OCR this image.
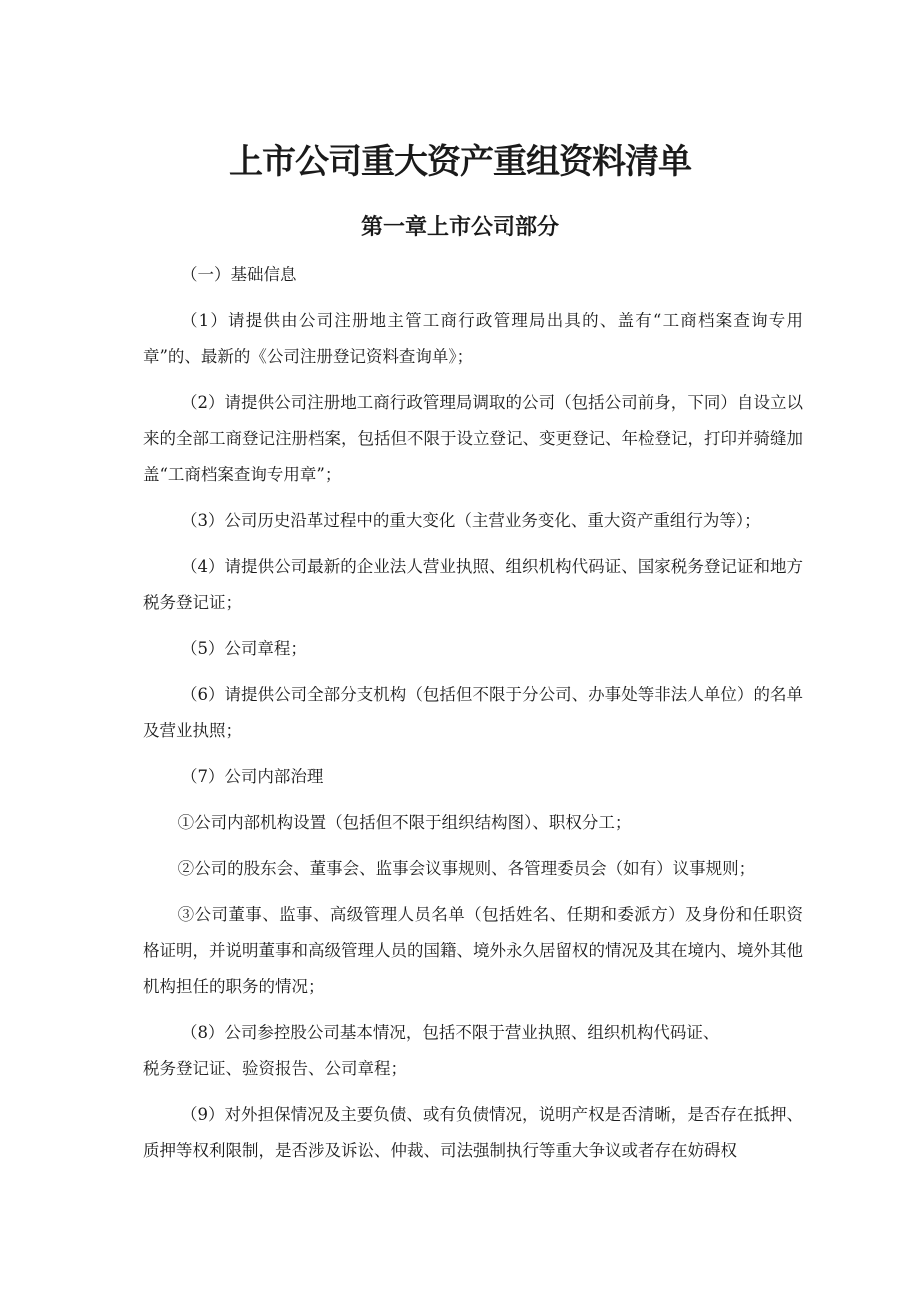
上市公司重大资产重组资料清单
第一章上市公司部分

（一）基础信息

（1）请提供由公司注册地主管工商行政管理局出具的、盖有“工商档案查询专用章”的、最新的《公司注册登记资料查询单》；

（2）请提供公司注册地工商行政管理局调取的公司（包括公司前身，下同）自设立以来的全部工商登记注册档案，包括但不限于设立登记、变更登记、年检登记，打印并骑缝加盖“工商档案查询专用章”；

（3）公司历史沿革过程中的重大变化（主营业务变化、重大资产重组行为等）；

（4）请提供公司最新的企业法人营业执照、组织机构代码证、国家税务登记证和地方税务登记证；

（5）公司章程；

（6）请提供公司全部分支机构（包括但不限于分公司、办事处等非法人单位）的名单及营业执照；

（7）公司内部治理

①公司内部机构设置（包括但不限于组织结构图）、职权分工；

②公司的股东会、董事会、监事会议事规则、各管理委员会（如有）议事规则；

③公司董事、监事、高级管理人员名单（包括姓名、任期和委派方）及身份和任职资格证明，并说明董事和高级管理人员的国籍、境外永久居留权的情况及其在境内、境外其他机构担任的职务的情况；

（8）公司参控股公司基本情况，包括不限于营业执照、组织机构代码证、

税务登记证、验资报告、公司章程；

（9）对外担保情况及主要负债、或有负债情况，说明产权是否清晰，是否存在抵押、质押等权利限制，是否涉及诉讼、仲裁、司法强制执行等重大争议或者存在妨碍权
